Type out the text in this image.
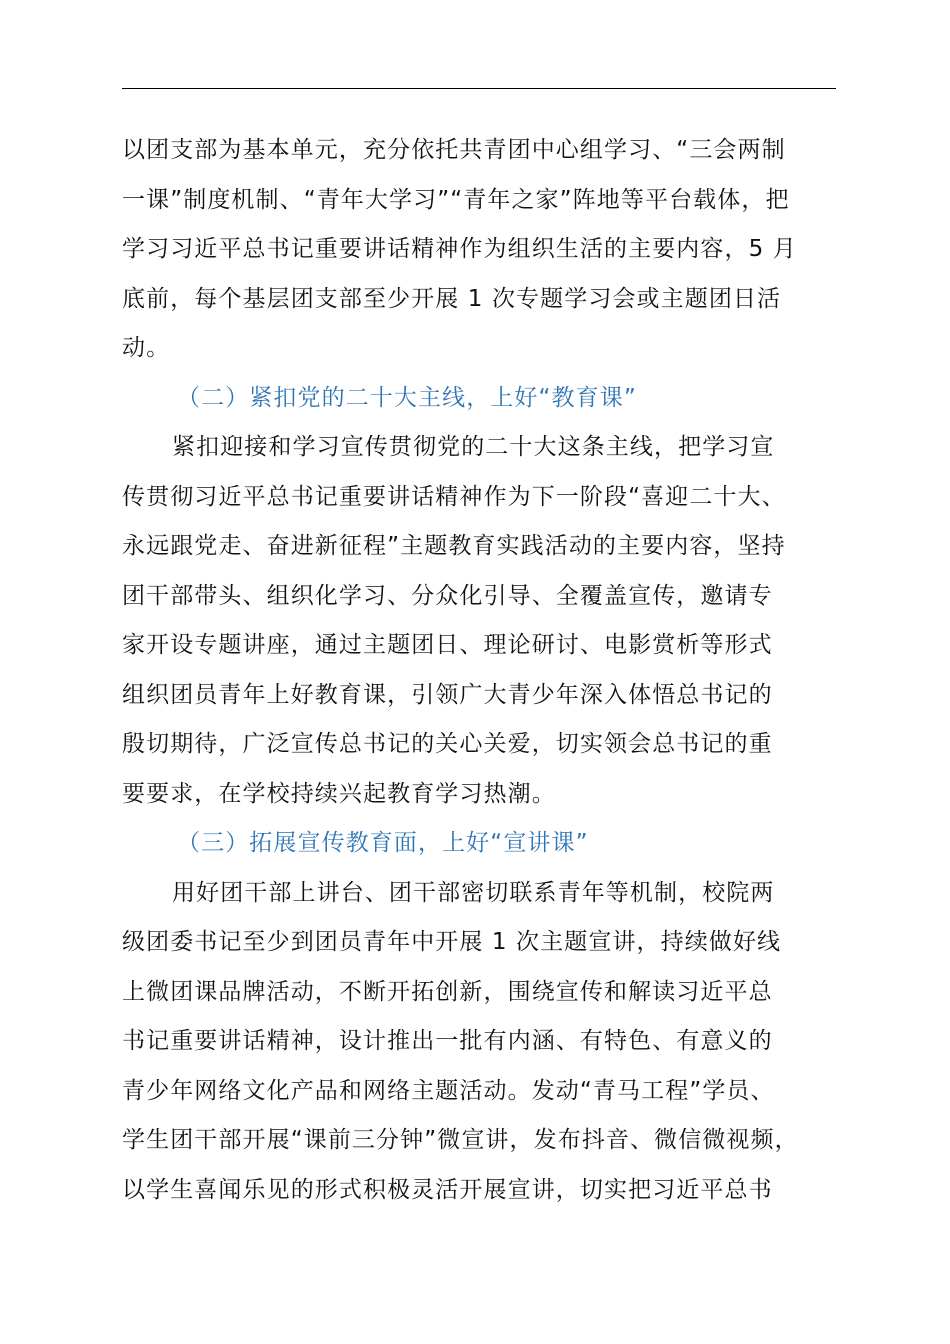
以团支部为基本单元，充分依托共青团中心组学习、“三会两制
一课”制度机制、“青年大学习”“青年之家”阵地等平台载体，把
学习习近平总书记重要讲话精神作为组织生活的主要内容，5 月
底前，每个基层团支部至少开展 1 次专题学习会或主题团日活
动。
（二）紧扣党的二十大主线，上好“教育课”
紧扣迎接和学习宣传贯彻党的二十大这条主线，把学习宣
传贯彻习近平总书记重要讲话精神作为下一阶段“喜迎二十大、
永远跟党走、奋进新征程”主题教育实践活动的主要内容，坚持
团干部带头、组织化学习、分众化引导、全覆盖宣传，邀请专
家开设专题讲座，通过主题团日、理论研讨、电影赏析等形式
组织团员青年上好教育课，引领广大青少年深入体悟总书记的
殷切期待，广泛宣传总书记的关心关爱，切实领会总书记的重
要要求，在学校持续兴起教育学习热潮。
（三）拓展宣传教育面，上好“宣讲课”
用好团干部上讲台、团干部密切联系青年等机制，校院两
级团委书记至少到团员青年中开展 1 次主题宣讲，持续做好线
上微团课品牌活动，不断开拓创新，围绕宣传和解读习近平总
书记重要讲话精神，设计推出一批有内涵、有特色、有意义的
青少年网络文化产品和网络主题活动。发动“青马工程”学员、
学生团干部开展“课前三分钟”微宣讲，发布抖音、微信微视频，
以学生喜闻乐见的形式积极灵活开展宣讲，切实把习近平总书
